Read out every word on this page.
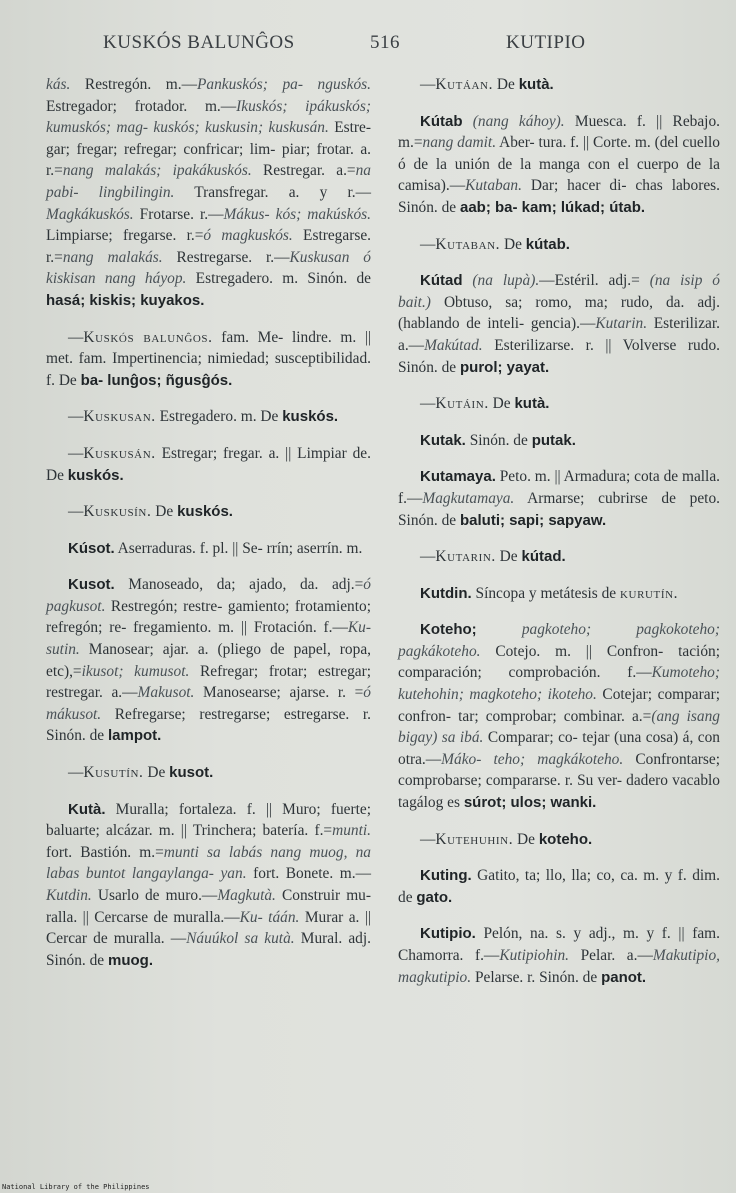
KUSKÓS BALUNĜOS	516	KUTIPIO

kás. Restregón. m.—Pankuskós; pa- nguskós. Estregador; frotador. m.—Ikuskós; ipákuskós; kumuskós; mag- kuskós; kuskusin; kuskusán. Estre- gar; fregar; refregar; confricar; lim- piar; frotar. a. r.=nang malakás; ipakákuskós. Restregar. a.=na pabi- lingbilingin. Transfregar. a. y r.—Magkákuskós. Frotarse. r.—Mákus- kós; makúskós. Limpiarse; fregarse. r.=ó magkuskós. Estregarse. r.=nang malakás. Restregarse. r.—Kuskusan ó kiskisan nang háyop. Estregadero. m. Sinón. de hasá; kiskis; kuyakos.

—Kuskós balunĝos. fam. Me- lindre. m. || met. fam. Impertinencia; nimiedad; susceptibilidad. f. De ba- lunĝos; ñgusĝós.

—Kuskusan. Estregadero. m. De kuskós.

—Kuskusán. Estregar; fregar. a. || Limpiar de. De kuskós.

—Kuskusín. De kuskós.

Kúsot. Aserraduras. f. pl. || Se- rrín; aserrín. m.

Kusot. Manoseado, da; ajado, da. adj.=ó pagkusot. Restregón; restre- gamiento; frotamiento; refregón; re- fregamiento. m. || Frotación. f.—Ku- sutin. Manosear; ajar. a. (pliego de papel, ropa, etc),=ikusot; kumusot. Refregar; frotar; estregar; restregar. a.—Makusot. Manosearse; ajarse. r. =ó mákusot. Refregarse; restregarse; estregarse. r. Sinón. de lampot.

—Kusutín. De kusot.

Kutà. Muralla; fortaleza. f. || Muro; fuerte; baluarte; alcázar. m. || Trinchera; batería. f.=munti. fort. Bastión. m.=munti sa labás nang muog, na labas buntot langaylanga- yan. fort. Bonete. m.—Kutdin. Usarlo de muro.—Magkutà. Construir mu- ralla. || Cercarse de muralla.—Ku- táán. Murar a. || Cercar de muralla. —Náuúkol sa kutà. Mural. adj. Sinón. de muog.

—Kutáan. De kutà.

Kútab (nang káhoy). Muesca. f. || Rebajo. m.=nang damit. Aber- tura. f. || Corte. m. (del cuello ó de la unión de la manga con el cuerpo de la camisa).—Kutaban. Dar; hacer di- chas labores. Sinón. de aab; ba- kam; lúkad; útab.

—Kutaban. De kútab.

Kútad (na lupà).—Estéril. adj.= (na isip ó bait.) Obtuso, sa; romo, ma; rudo, da. adj. (hablando de inteli- gencia).—Kutarin. Esterilizar. a.—Makútad. Esterilizarse. r. || Volverse rudo. Sinón. de purol; yayat.

—Kutáin. De kutà.

Kutak. Sinón. de putak.

Kutamaya. Peto. m. || Armadura; cota de malla. f.—Magkutamaya. Armarse; cubrirse de peto. Sinón. de baluti; sapi; sapyaw.

—Kutarin. De kútad.

Kutdin. Síncopa y metátesis de kurutín.

Koteho;	pagkoteho; pagkokoteho; pagkákoteho. Cotejo. m. || Confron- tación; comparación; comprobación. f.—Kumoteho; kutehohin; magkoteho; ikoteho. Cotejar; comparar; confron- tar; comprobar; combinar. a.=(ang isang bigay) sa ibá. Comparar; co- tejar (una cosa) á, con otra.—Máko- teho; magkákoteho. Confrontarse; comprobarse; compararse. r. Su ver- dadero vacablo tagálog es súrot; ulos; wanki.

—Kutehuhin. De koteho.

Kuting. Gatito, ta; llo, lla; co, ca. m. y f. dim. de gato.

Kutipio. Pelón, na. s. y adj., m. y f. || fam. Chamorra. f.—Kutipiohin. Pelar. a.—Makutipio, magkutipio. Pelarse. r. Sinón. de panot.

National Library of the Philippines
